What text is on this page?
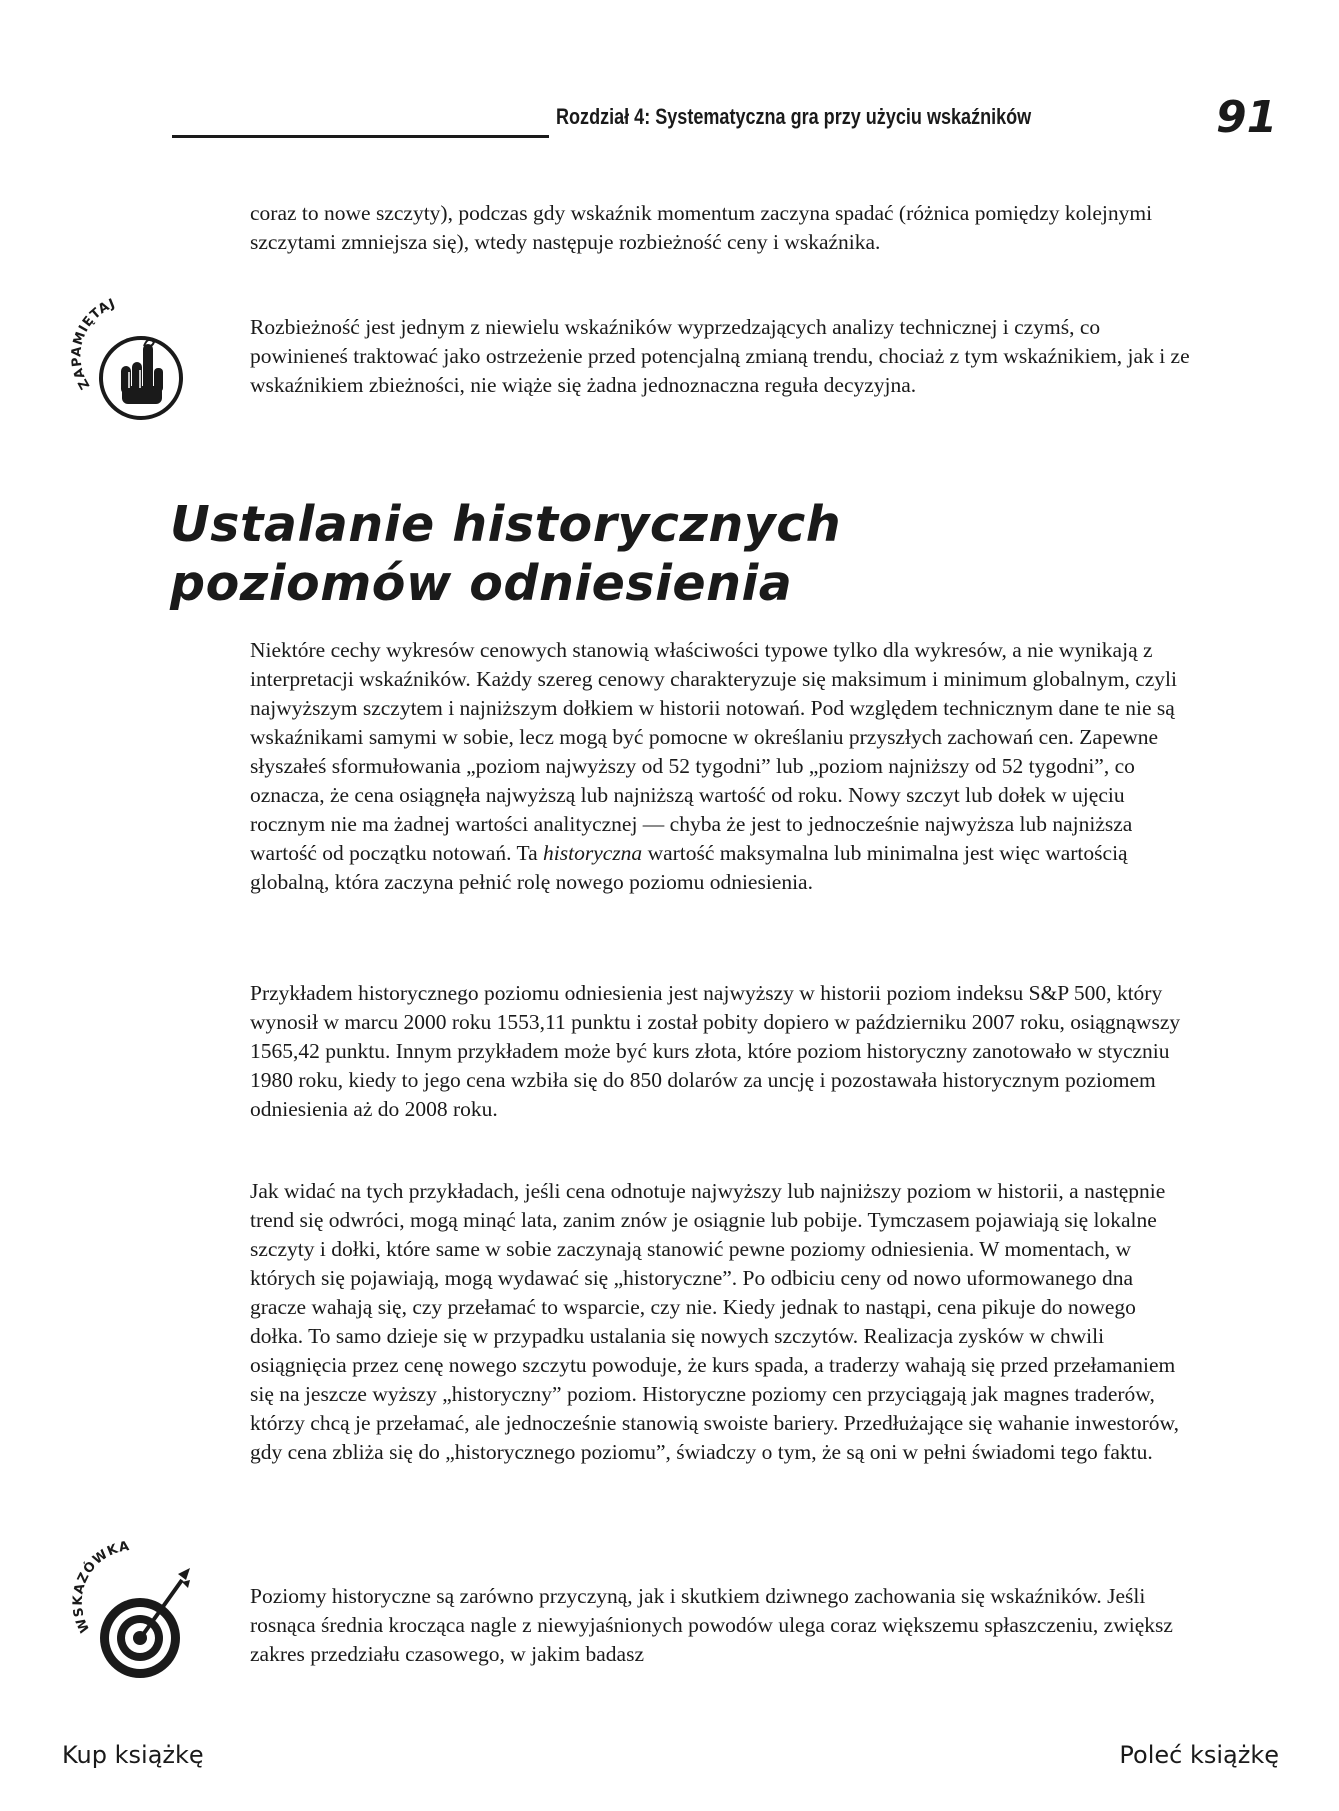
Rozdział 4: Systematyczna gra przy użyciu wskaźników	91

coraz to nowe szczyty), podczas gdy wskaźnik momentum zaczyna spadać (różnica pomiędzy kolejnymi szczytami zmniejsza się), wtedy następuje rozbieżność ceny i wskaźnika.

ZAPAMIĘTAJ

Rozbieżność jest jednym z niewielu wskaźników wyprzedzających analizy technicznej i czymś, co powinieneś traktować jako ostrzeżenie przed potencjalną zmianą trendu, chociaż z tym wskaźnikiem, jak i ze wskaźnikiem zbieżności, nie wiąże się żadna jednoznaczna reguła decyzyjna.

Ustalanie historycznych
poziomów odniesienia

Niektóre cechy wykresów cenowych stanowią właściwości typowe tylko dla wykresów, a nie wynikają z interpretacji wskaźników. Każdy szereg cenowy charakteryzuje się maksimum i minimum globalnym, czyli najwyższym szczytem i najniższym dołkiem w historii notowań. Pod względem technicznym dane te nie są wskaźnikami samymi w sobie, lecz mogą być pomocne w określaniu przyszłych zachowań cen. Zapewne słyszałeś sformułowania „poziom najwyższy od 52 tygodni” lub „poziom najniższy od 52 tygodni”, co oznacza, że cena osiągnęła najwyższą lub najniższą wartość od roku. Nowy szczyt lub dołek w ujęciu rocznym nie ma żadnej wartości analitycznej — chyba że jest to jednocześnie najwyższa lub najniższa wartość od początku notowań. Ta historyczna wartość maksymalna lub minimalna jest więc wartością globalną, która zaczyna pełnić rolę nowego poziomu odniesienia.

Przykładem historycznego poziomu odniesienia jest najwyższy w historii poziom indeksu S&P 500, który wynosił w marcu 2000 roku 1553,11 punktu i został pobity dopiero w październiku 2007 roku, osiągnąwszy 1565,42 punktu. Innym przykładem może być kurs złota, które poziom historyczny zanotowało w styczniu 1980 roku, kiedy to jego cena wzbiła się do 850 dolarów za uncję i pozostawała historycznym poziomem odniesienia aż do 2008 roku.

Jak widać na tych przykładach, jeśli cena odnotuje najwyższy lub najniższy poziom w historii, a następnie trend się odwróci, mogą minąć lata, zanim znów je osiągnie lub pobije. Tymczasem pojawiają się lokalne szczyty i dołki, które same w sobie zaczynają stanowić pewne poziomy odniesienia. W momentach, w których się pojawiają, mogą wydawać się „historyczne”. Po odbiciu ceny od nowo uformowanego dna gracze wahają się, czy przełamać to wsparcie, czy nie. Kiedy jednak to nastąpi, cena pikuje do nowego dołka. To samo dzieje się w przypadku ustalania się nowych szczytów. Realizacja zysków w chwili osiągnięcia przez cenę nowego szczytu powoduje, że kurs spada, a traderzy wahają się przed przełamaniem się na jeszcze wyższy „historyczny” poziom. Historyczne poziomy cen przyciągają jak magnes traderów, którzy chcą je przełamać, ale jednocześnie stanowią swoiste bariery. Przedłużające się wahanie inwestorów, gdy cena zbliża się do „historycznego poziomu”, świadczy o tym, że są oni w pełni świadomi tego faktu.

WSKAZÓWKA

Poziomy historyczne są zarówno przyczyną, jak i skutkiem dziwnego zachowania się wskaźników. Jeśli rosnąca średnia krocząca nagle z niewyjaśnionych powodów ulega coraz większemu spłaszczeniu, zwiększ zakres przedziału czasowego, w jakim badasz

Kup książkę	Poleć książkę
